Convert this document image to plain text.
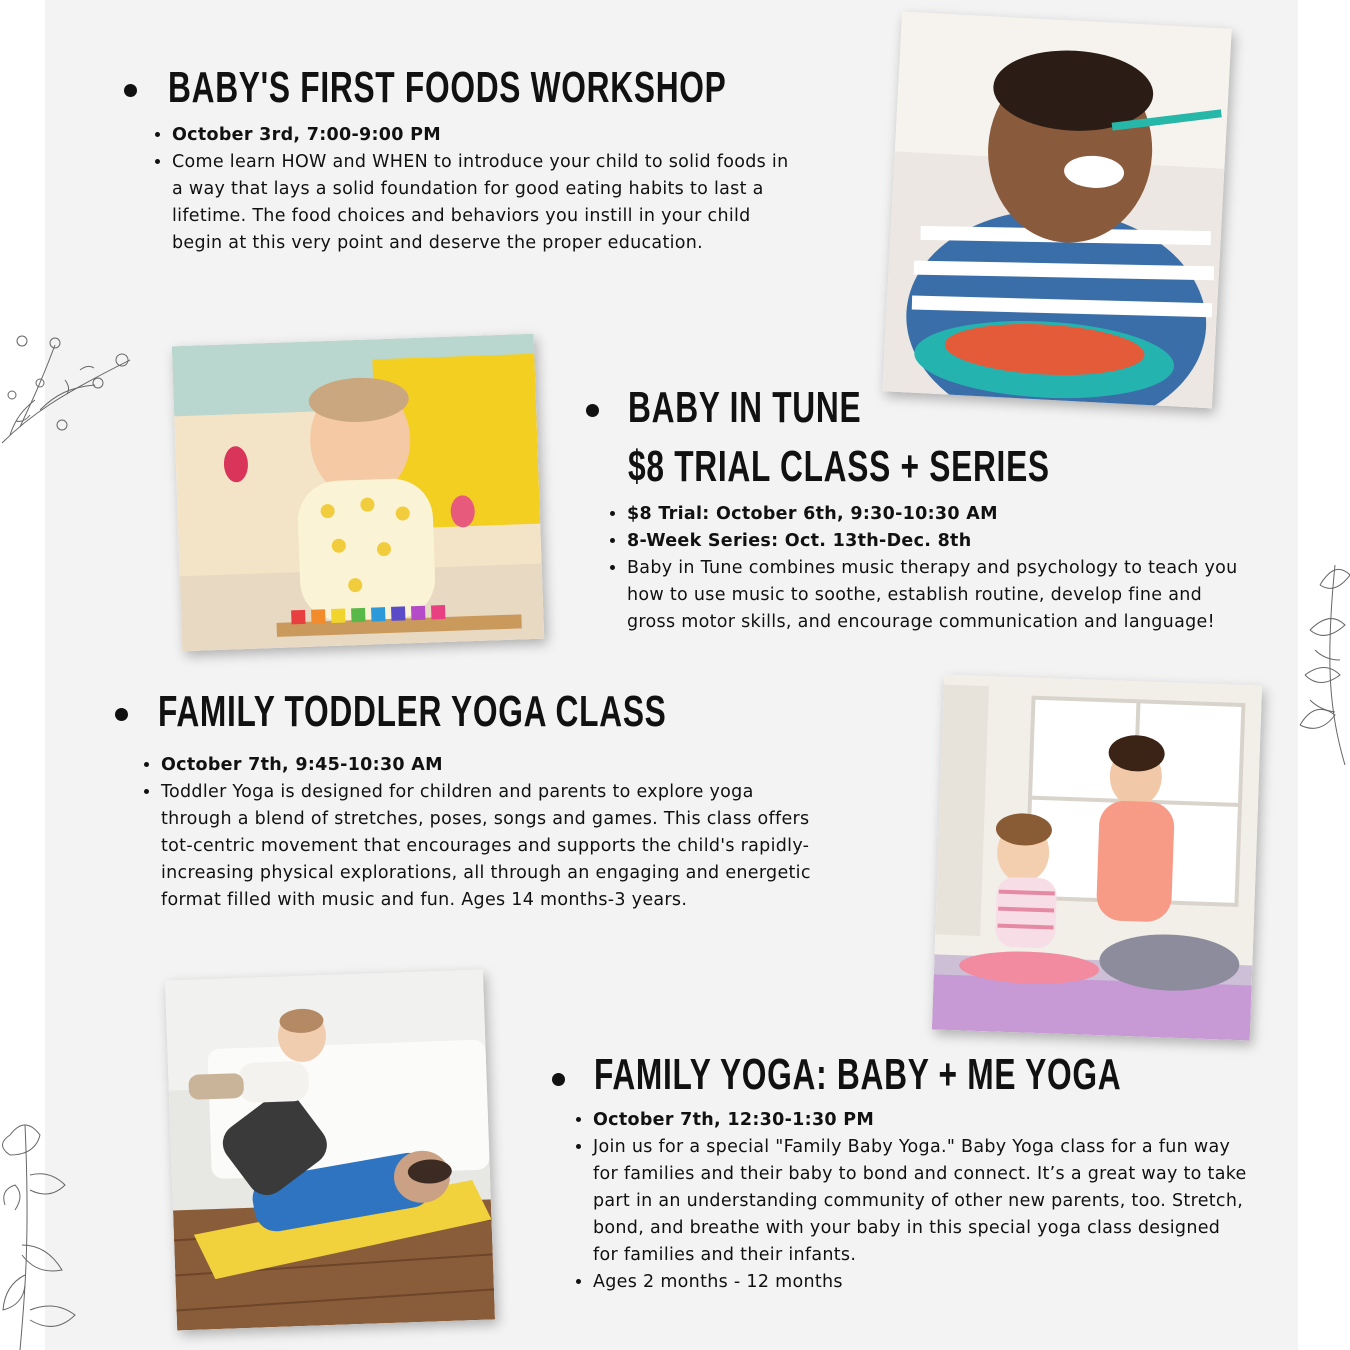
BABY'S FIRST FOODS WORKSHOP
• October 3rd, 7:00-9:00 PM
• Come learn HOW and WHEN to introduce your child to solid foods in a way that lays a solid foundation for good eating habits to last a lifetime. The food choices and behaviors you instill in your child begin at this very point and deserve the proper education.
BABY IN TUNE
$8 TRIAL CLASS + SERIES
• $8 Trial: October 6th, 9:30-10:30 AM
• 8-Week Series: Oct. 13th-Dec. 8th
• Baby in Tune combines music therapy and psychology to teach you how to use music to soothe, establish routine, develop fine and gross motor skills, and encourage communication and language!
FAMILY TODDLER YOGA CLASS
• October 7th, 9:45-10:30 AM
• Toddler Yoga is designed for children and parents to explore yoga through a blend of stretches, poses, songs and games. This class offers tot-centric movement that encourages and supports the child's rapidly-increasing physical explorations, all through an engaging and energetic format filled with music and fun. Ages 14 months-3 years.
FAMILY YOGA: BABY + ME YOGA
• October 7th, 12:30-1:30 PM
• Join us for a special "Family Baby Yoga." Baby Yoga class for a fun way for families and their baby to bond and connect. It’s a great way to take part in an understanding community of other new parents, too. Stretch, bond, and breathe with your baby in this special yoga class designed for families and their infants.
• Ages 2 months - 12 months
